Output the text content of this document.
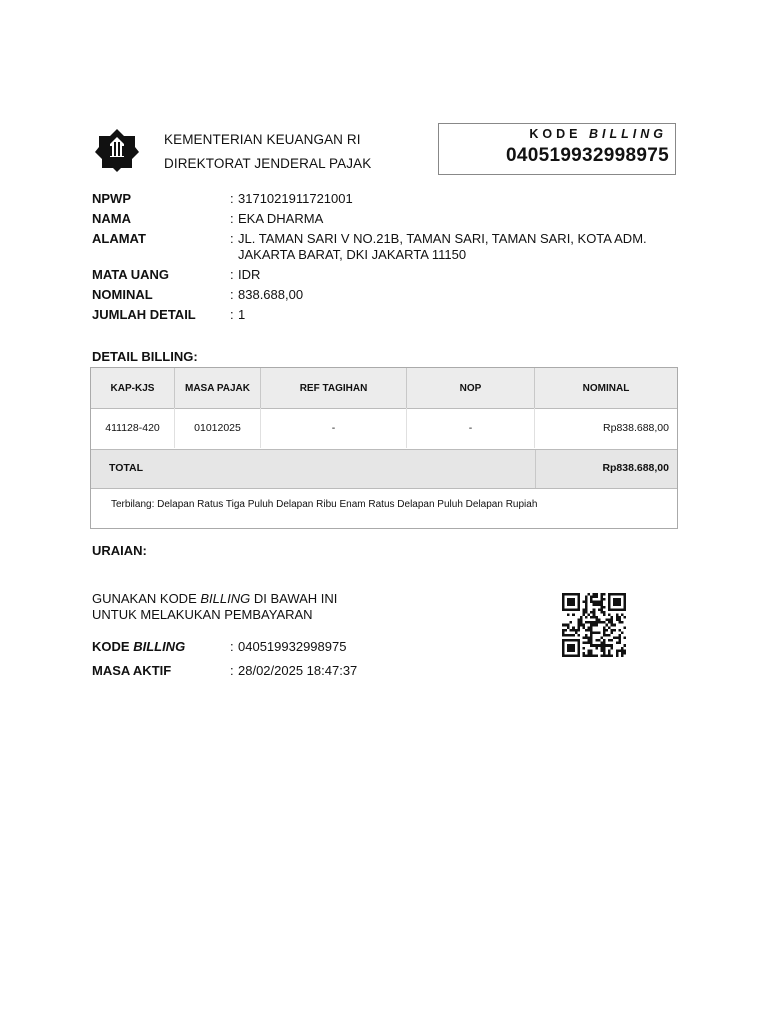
KEMENTERIAN KEUANGAN RI
DIREKTORAT JENDERAL PAJAK
KODE BILLING
040519932998975
NPWP	: 3171021911721001
NAMA	: EKA DHARMA
ALAMAT	: JL. TAMAN SARI V NO.21B, TAMAN SARI, TAMAN SARI, KOTA ADM. JAKARTA BARAT, DKI JAKARTA 11150
MATA UANG	: IDR
NOMINAL	: 838.688,00
JUMLAH DETAIL	: 1
DETAIL BILLING:
KAP-KJS	MASA PAJAK	REF TAGIHAN	NOP	NOMINAL
411128-420	01012025	-	-	Rp838.688,00
TOTAL	Rp838.688,00
Terbilang: Delapan Ratus Tiga Puluh Delapan Ribu Enam Ratus Delapan Puluh Delapan Rupiah
URAIAN:
GUNAKAN KODE BILLING DI BAWAH INI
UNTUK MELAKUKAN PEMBAYARAN
KODE BILLING	: 040519932998975
MASA AKTIF	: 28/02/2025 18:47:37
